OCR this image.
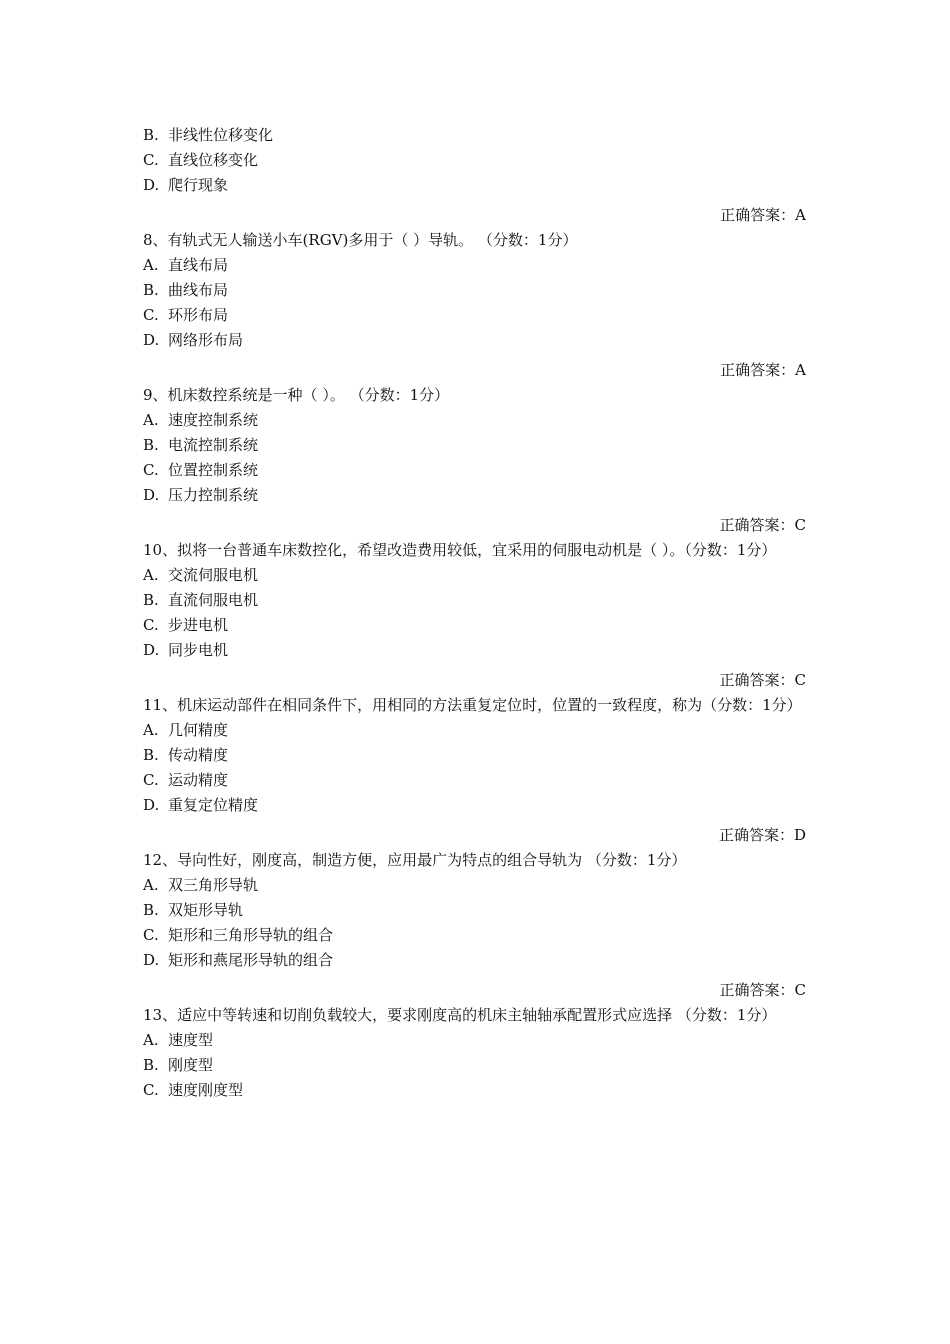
B. 非线性位移变化
C. 直线位移变化
D. 爬行现象
正确答案：A
8、有轨式无人输送小车(RGV)多用于（ ）导轨。 （分数：1分）
A. 直线布局
B. 曲线布局
C. 环形布局
D. 网络形布局
正确答案：A
9、机床数控系统是一种（ ）。 （分数：1分）
A. 速度控制系统
B. 电流控制系统
C. 位置控制系统
D. 压力控制系统
正确答案：C
10、拟将一台普通车床数控化，希望改造费用较低，宜采用的伺服电动机是（ ）。（分数：1分）
A. 交流伺服电机
B. 直流伺服电机
C. 步进电机
D. 同步电机
正确答案：C
11、机床运动部件在相同条件下，用相同的方法重复定位时，位置的一致程度，称为（分数：1分）
A. 几何精度
B. 传动精度
C. 运动精度
D. 重复定位精度
正确答案：D
12、导向性好，刚度高，制造方便，应用最广为特点的组合导轨为 （分数：1分）
A. 双三角形导轨
B. 双矩形导轨
C. 矩形和三角形导轨的组合
D. 矩形和燕尾形导轨的组合
正确答案：C
13、适应中等转速和切削负载较大，要求刚度高的机床主轴轴承配置形式应选择 （分数：1分）
A. 速度型
B. 刚度型
C. 速度刚度型
